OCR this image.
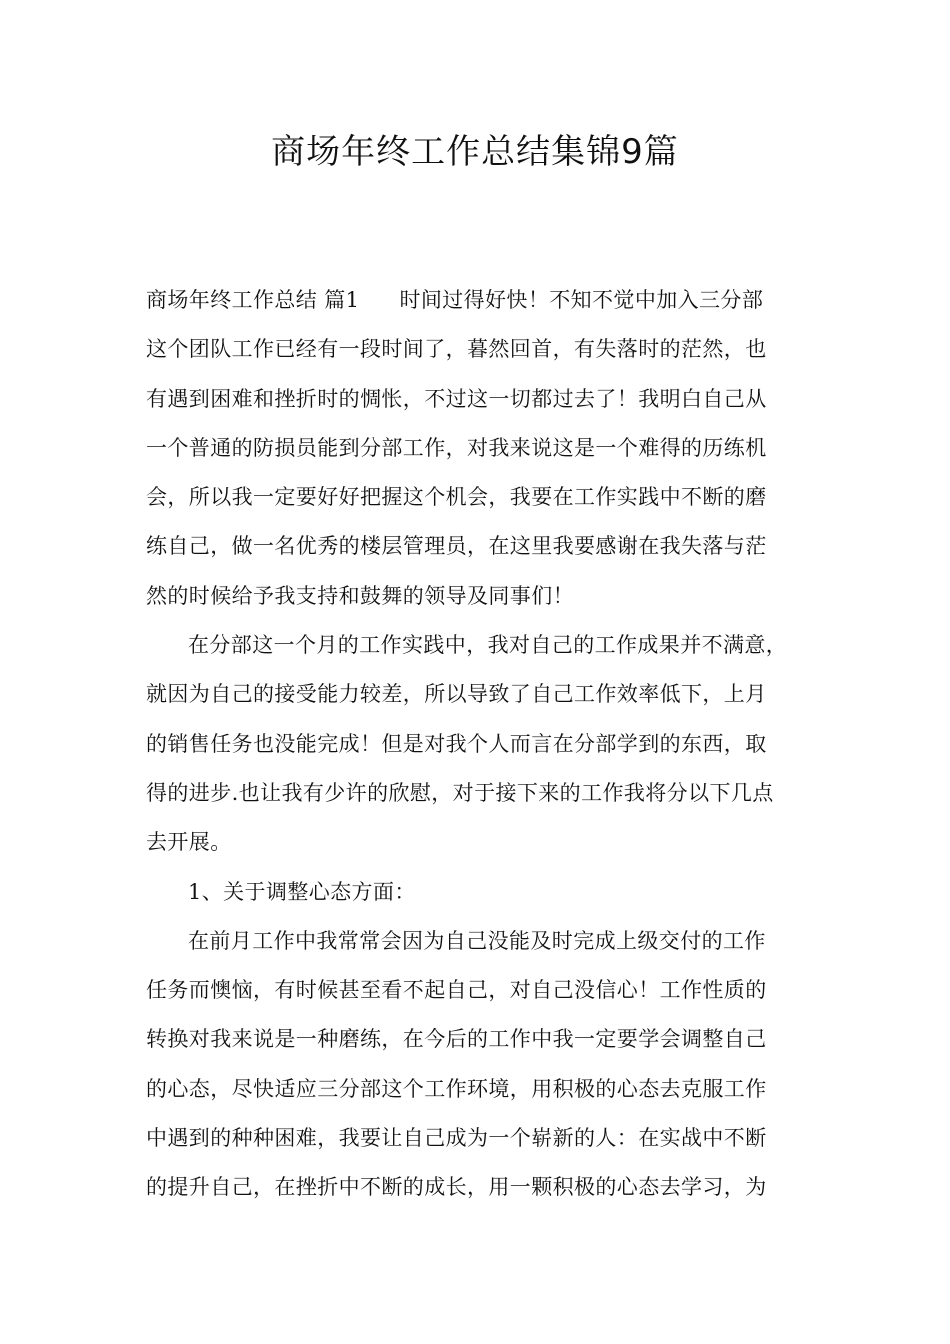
商场年终工作总结集锦9篇
商场年终工作总结 篇1 时间过得好快！不知不觉中加入三分部
这个团队工作已经有一段时间了，暮然回首，有失落时的茫然，也
有遇到困难和挫折时的惆怅，不过这一切都过去了！我明白自己从
一个普通的防损员能到分部工作，对我来说这是一个难得的历练机
会，所以我一定要好好把握这个机会，我要在工作实践中不断的磨
练自己，做一名优秀的楼层管理员，在这里我要感谢在我失落与茫
然的时候给予我支持和鼓舞的领导及同事们！
在分部这一个月的工作实践中，我对自己的工作成果并不满意，
就因为自己的接受能力较差，所以导致了自己工作效率低下，上月
的销售任务也没能完成！但是对我个人而言在分部学到的东西，取
得的进步.也让我有少许的欣慰，对于接下来的工作我将分以下几点
去开展。
1、关于调整心态方面：
在前月工作中我常常会因为自己没能及时完成上级交付的工作
任务而懊恼，有时候甚至看不起自己，对自己没信心！工作性质的
转换对我来说是一种磨练，在今后的工作中我一定要学会调整自己
的心态，尽快适应三分部这个工作环境，用积极的心态去克服工作
中遇到的种种困难，我要让自己成为一个崭新的人：在实战中不断
的提升自己，在挫折中不断的成长，用一颗积极的心态去学习，为
